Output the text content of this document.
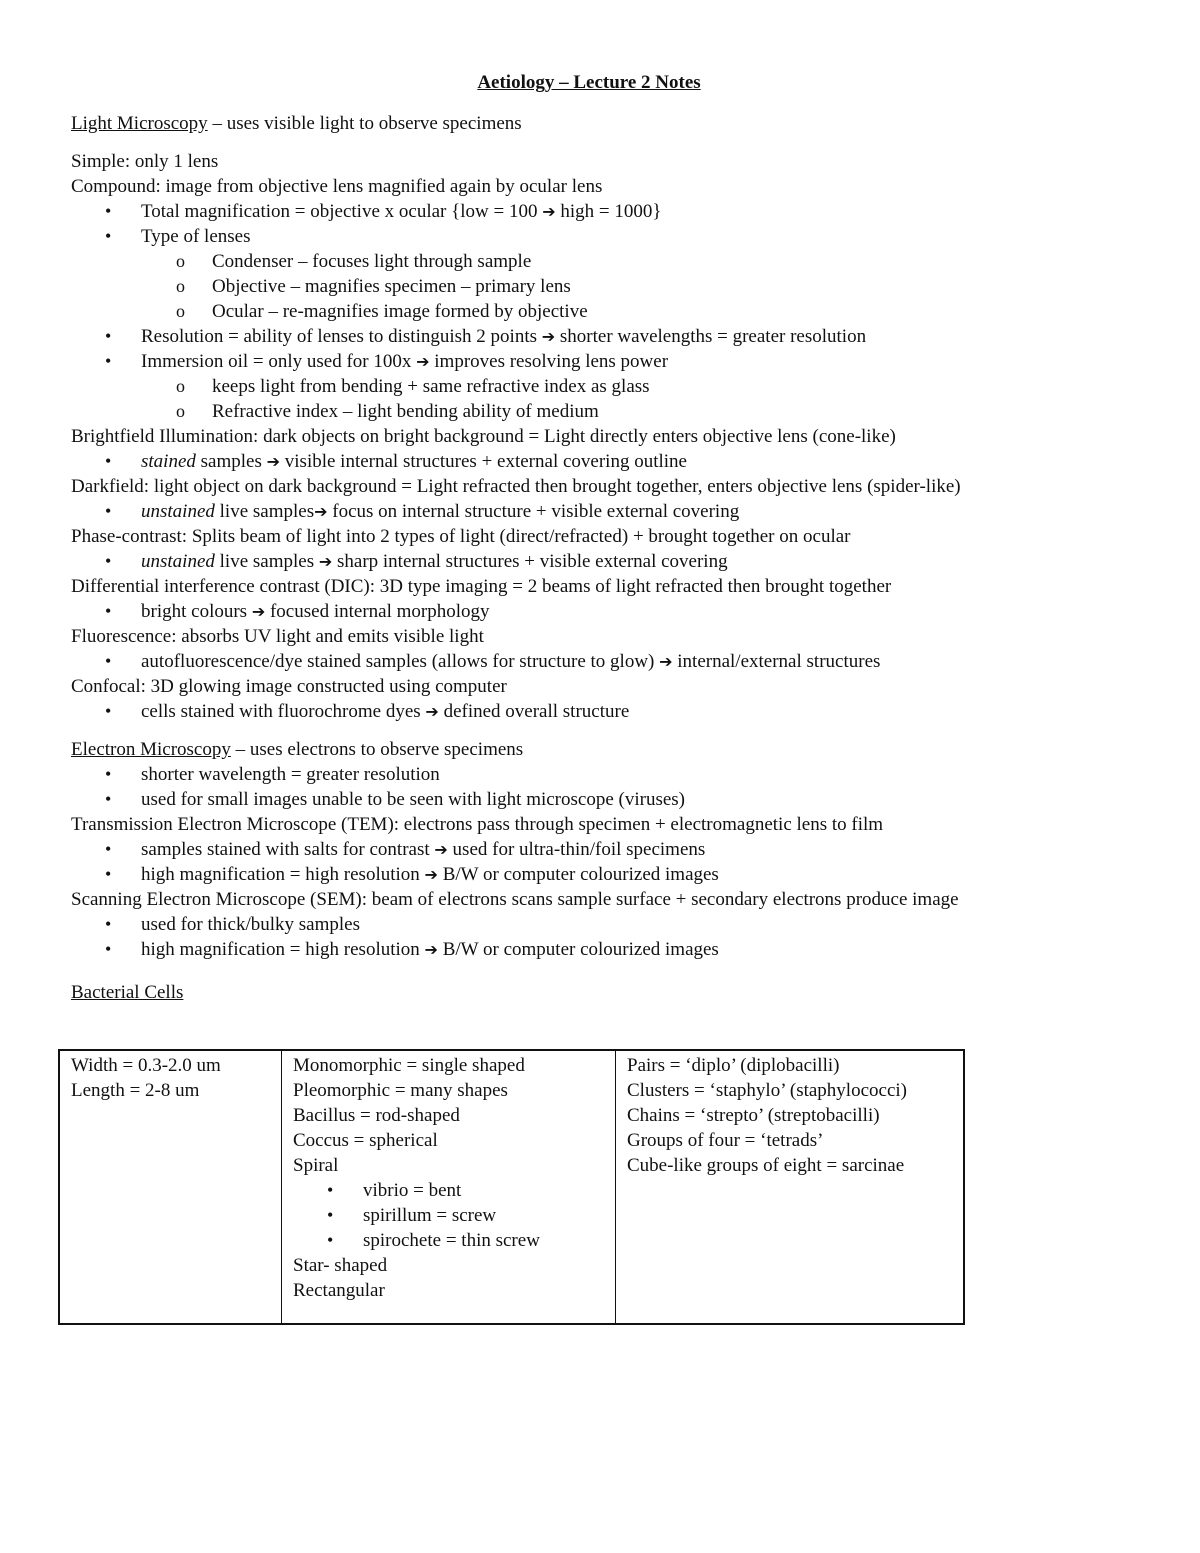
Aetiology – Lecture 2 Notes
Light Microscopy – uses visible light to observe specimens
Simple: only 1 lens
Compound: image from objective lens magnified again by ocular lens
• Total magnification = objective x ocular {low = 100 ➔ high = 1000}
• Type of lenses
o Condenser – focuses light through sample
o Objective – magnifies specimen – primary lens
o Ocular – re-magnifies image formed by objective
• Resolution = ability of lenses to distinguish 2 points ➔ shorter wavelengths = greater resolution
• Immersion oil = only used for 100x ➔ improves resolving lens power
o keeps light from bending + same refractive index as glass
o Refractive index – light bending ability of medium
Brightfield Illumination: dark objects on bright background = Light directly enters objective lens (cone-like)
• stained samples ➔ visible internal structures + external covering outline
Darkfield: light object on dark background = Light refracted then brought together, enters objective lens (spider-like)
• unstained live samples➔ focus on internal structure + visible external covering
Phase-contrast: Splits beam of light into 2 types of light (direct/refracted) + brought together on ocular
• unstained live samples ➔ sharp internal structures + visible external covering
Differential interference contrast (DIC): 3D type imaging = 2 beams of light refracted then brought together
• bright colours ➔ focused internal morphology
Fluorescence: absorbs UV light and emits visible light
• autofluorescence/dye stained samples (allows for structure to glow) ➔ internal/external structures
Confocal: 3D glowing image constructed using computer
• cells stained with fluorochrome dyes ➔ defined overall structure
Electron Microscopy – uses electrons to observe specimens
• shorter wavelength = greater resolution
• used for small images unable to be seen with light microscope (viruses)
Transmission Electron Microscope (TEM): electrons pass through specimen + electromagnetic lens to film
• samples stained with salts for contrast ➔ used for ultra-thin/foil specimens
• high magnification = high resolution ➔ B/W or computer colourized images
Scanning Electron Microscope (SEM): beam of electrons scans sample surface + secondary electrons produce image
• used for thick/bulky samples
• high magnification = high resolution ➔ B/W or computer colourized images
Bacterial Cells
Width = 0.3-2.0 um
Length = 2-8 um

Monomorphic = single shaped
Pleomorphic = many shapes
Bacillus = rod-shaped
Coccus = spherical
Spiral
• vibrio = bent
• spirillum = screw
• spirochete = thin screw
Star- shaped
Rectangular

Pairs = ‘diplo’ (diplobacilli)
Clusters = ‘staphylo’ (staphylococci)
Chains = ‘strepto’ (streptobacilli)
Groups of four = ‘tetrads’
Cube-like groups of eight = sarcinae
